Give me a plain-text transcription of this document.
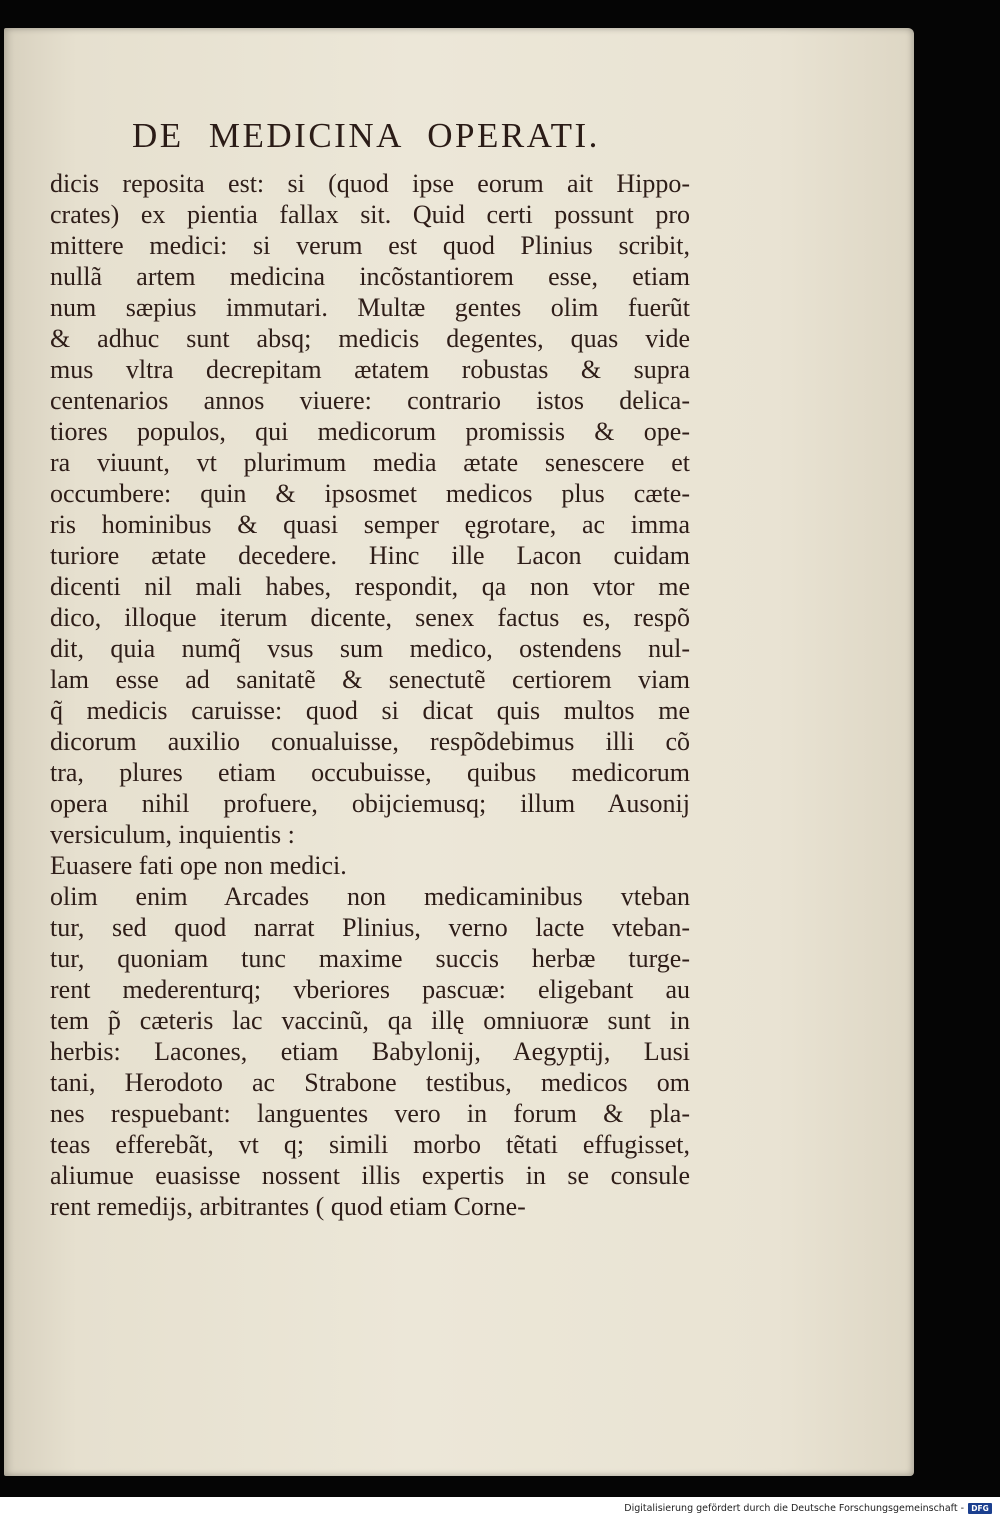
DE MEDICINA OPERATI.
dicis reposita est: si (quod ipse eorum ait Hippo-
crates) ex pientia fallax sit. Quid certi possunt pro
mittere medici: si verum est quod Plinius scribit,
nullã artem medicina incõstantiorem esse, etiam
num sæpius immutari. Multæ gentes olim fuerũt
& adhuc sunt absq; medicis degentes, quas vide
mus vltra decrepitam ætatem robustas & supra
centenarios annos viuere: contrario istos delica-
tiores populos, qui medicorum promissis & ope-
ra viuunt, vt plurimum media ætate senescere et
occumbere: quin & ipsosmet medicos plus cæte-
ris hominibus & quasi semper ęgrotare, ac imma
turiore ætate decedere. Hinc ille Lacon cuidam
dicenti nil mali habes, respondit, qa non vtor me
dico, illoque iterum dicente, senex factus es, respõ
dit, quia numq̃ vsus sum medico, ostendens nul-
lam esse ad sanitatẽ & senectutẽ certiorem viam
q̃ medicis caruisse: quod si dicat quis multos me
dicorum auxilio conualuisse, respõdebimus illi cõ
tra, plures etiam occubuisse, quibus medicorum
opera nihil profuere, obijciemusq; illum Ausonij
versiculum, inquientis :
Euasere fati ope non medici.
olim enim Arcades non medicaminibus vteban
tur, sed quod narrat Plinius, verno lacte vteban-
tur, quoniam tunc maxime succis herbæ turge-
rent mederenturq; vberiores pascuæ: eligebant au
tem p̃ cæteris lac vaccinũ, qa illę omniuoræ sunt in
herbis: Lacones, etiam Babylonij, Aegyptij, Lusi
tani, Herodoto ac Strabone testibus, medicos om
nes respuebant: languentes vero in forum & pla-
teas efferebãt, vt q; simili morbo tẽtati effugisset,
aliumue euasisse nossent illis expertis in se consule
rent remedijs, arbitrantes ( quod etiam Corne-
Digitalisierung gefördert durch die Deutsche Forschungsgemeinschaft - DFG
